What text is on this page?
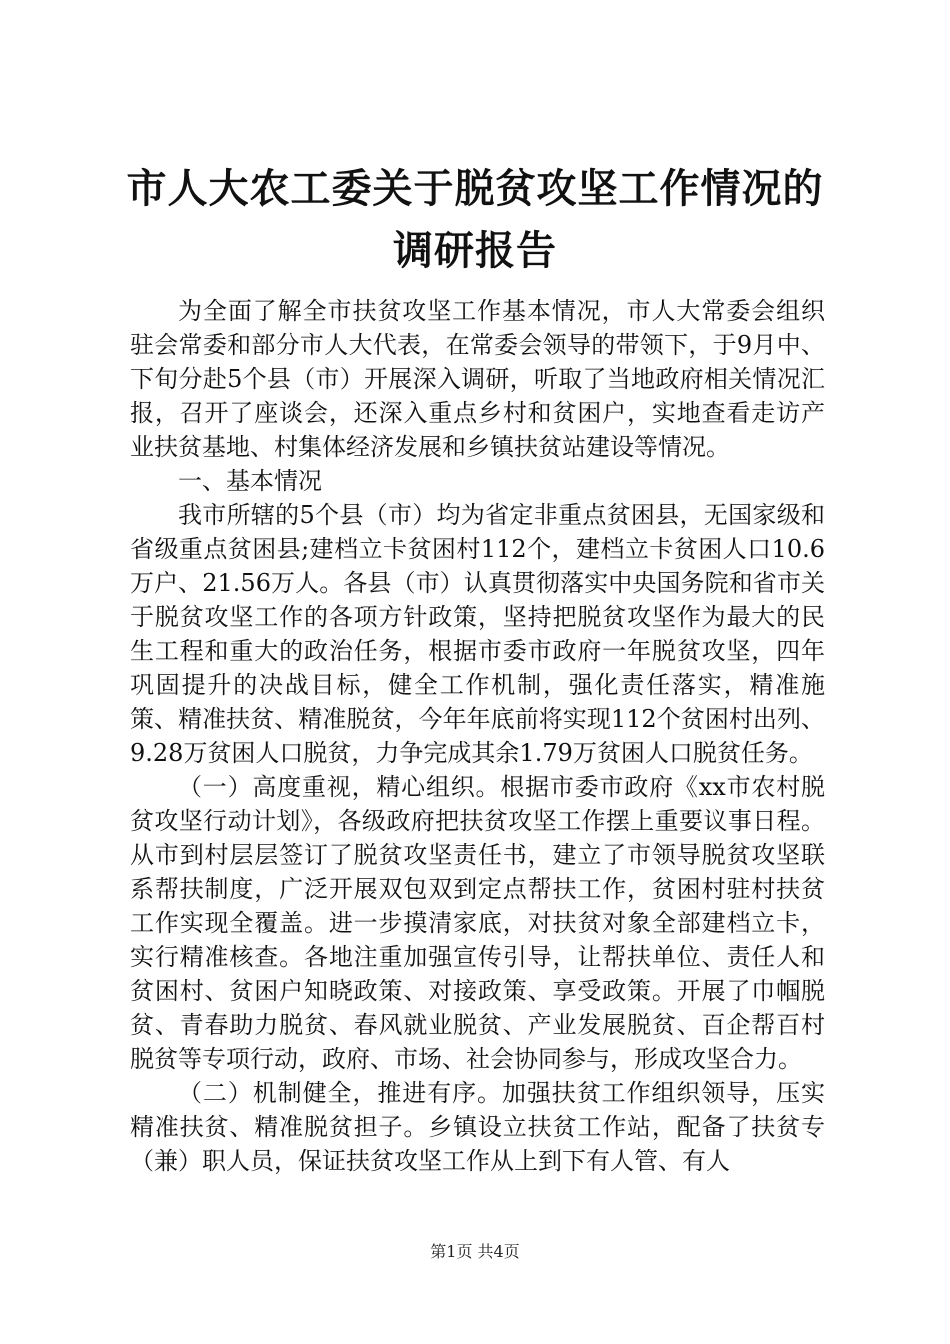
市人大农工委关于脱贫攻坚工作情况的调研报告

为全面了解全市扶贫攻坚工作基本情况，市人大常委会组织驻会常委和部分市人大代表，在常委会领导的带领下，于9月中、下旬分赴5个县（市）开展深入调研，听取了当地政府相关情况汇报，召开了座谈会，还深入重点乡村和贫困户，实地查看走访产业扶贫基地、村集体经济发展和乡镇扶贫站建设等情况。

一、基本情况

我市所辖的5个县（市）均为省定非重点贫困县，无国家级和省级重点贫困县;建档立卡贫困村112个，建档立卡贫困人口10.6万户、21.56万人。各县（市）认真贯彻落实中央国务院和省市关于脱贫攻坚工作的各项方针政策，坚持把脱贫攻坚作为最大的民生工程和重大的政治任务，根据市委市政府一年脱贫攻坚，四年巩固提升的决战目标，健全工作机制，强化责任落实，精准施策、精准扶贫、精准脱贫，今年年底前将实现112个贫困村出列、9.28万贫困人口脱贫，力争完成其余1.79万贫困人口脱贫任务。

（一）高度重视，精心组织。根据市委市政府《xx市农村脱贫攻坚行动计划》，各级政府把扶贫攻坚工作摆上重要议事日程。从市到村层层签订了脱贫攻坚责任书，建立了市领导脱贫攻坚联系帮扶制度，广泛开展双包双到定点帮扶工作，贫困村驻村扶贫工作实现全覆盖。进一步摸清家底，对扶贫对象全部建档立卡，实行精准核查。各地注重加强宣传引导，让帮扶单位、责任人和贫困村、贫困户知晓政策、对接政策、享受政策。开展了巾帼脱贫、青春助力脱贫、春风就业脱贫、产业发展脱贫、百企帮百村脱贫等专项行动，政府、市场、社会协同参与，形成攻坚合力。

（二）机制健全，推进有序。加强扶贫工作组织领导，压实精准扶贫、精准脱贫担子。乡镇设立扶贫工作站，配备了扶贫专（兼）职人员，保证扶贫攻坚工作从上到下有人管、有人

第1页 共4页
